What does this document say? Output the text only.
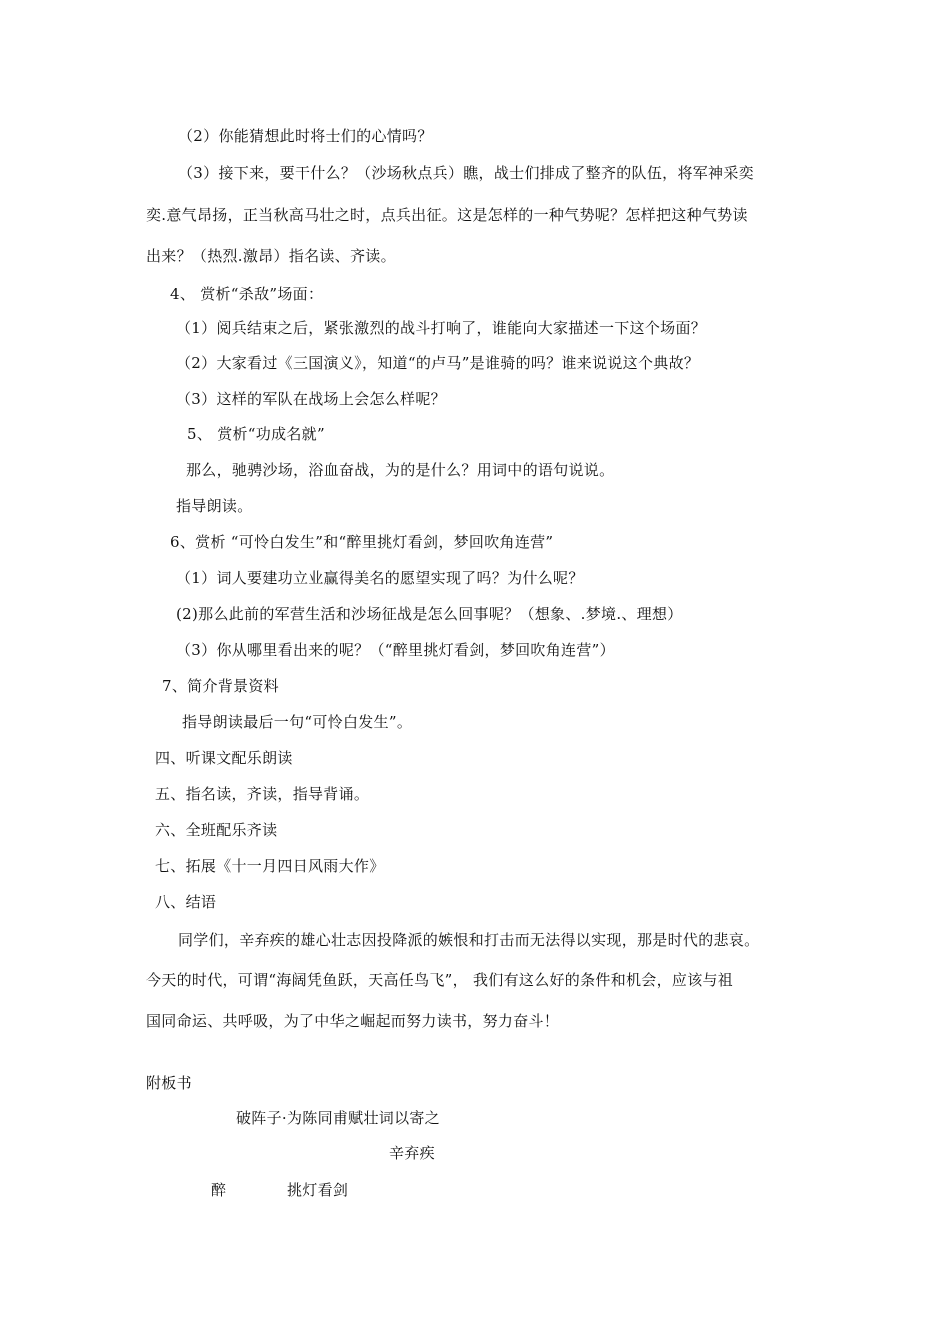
（2）你能猜想此时将士们的心情吗？
（3）接下来，要干什么？（沙场秋点兵）瞧，战士们排成了整齐的队伍，将军神采奕
奕.意气昂扬，正当秋高马壮之时，点兵出征。这是怎样的一种气势呢？怎样把这种气势读
出来？（热烈.激昂）指名读、齐读。
4、 赏析“杀敌”场面：
（1）阅兵结束之后，紧张激烈的战斗打响了，谁能向大家描述一下这个场面？
（2）大家看过《三国演义》，知道“的卢马”是谁骑的吗？谁来说说这个典故？
（3）这样的军队在战场上会怎么样呢？
5、 赏析“功成名就”
那么，驰骋沙场，浴血奋战，为的是什么？用词中的语句说说。
指导朗读。
6、赏析 “可怜白发生”和“醉里挑灯看剑，梦回吹角连营”
（1）词人要建功立业赢得美名的愿望实现了吗？为什么呢？
(2)那么此前的军营生活和沙场征战是怎么回事呢？（想象、.梦境.、理想）
（3）你从哪里看出来的呢？（“醉里挑灯看剑，梦回吹角连营”）
7、简介背景资料
指导朗读最后一句“可怜白发生”。
四、听课文配乐朗读
五、指名读，齐读，指导背诵。
六、全班配乐齐读
七、拓展《十一月四日风雨大作》
八、结语
同学们，辛弃疾的雄心壮志因投降派的嫉恨和打击而无法得以实现，那是时代的悲哀。
今天的时代，可谓“海阔凭鱼跃，天高任鸟飞”， 我们有这么好的条件和机会，应该与祖
国同命运、共呼吸，为了中华之崛起而努力读书，努力奋斗！
附板书
破阵子·为陈同甫赋壮词以寄之
辛弃疾
醉	挑灯看剑
